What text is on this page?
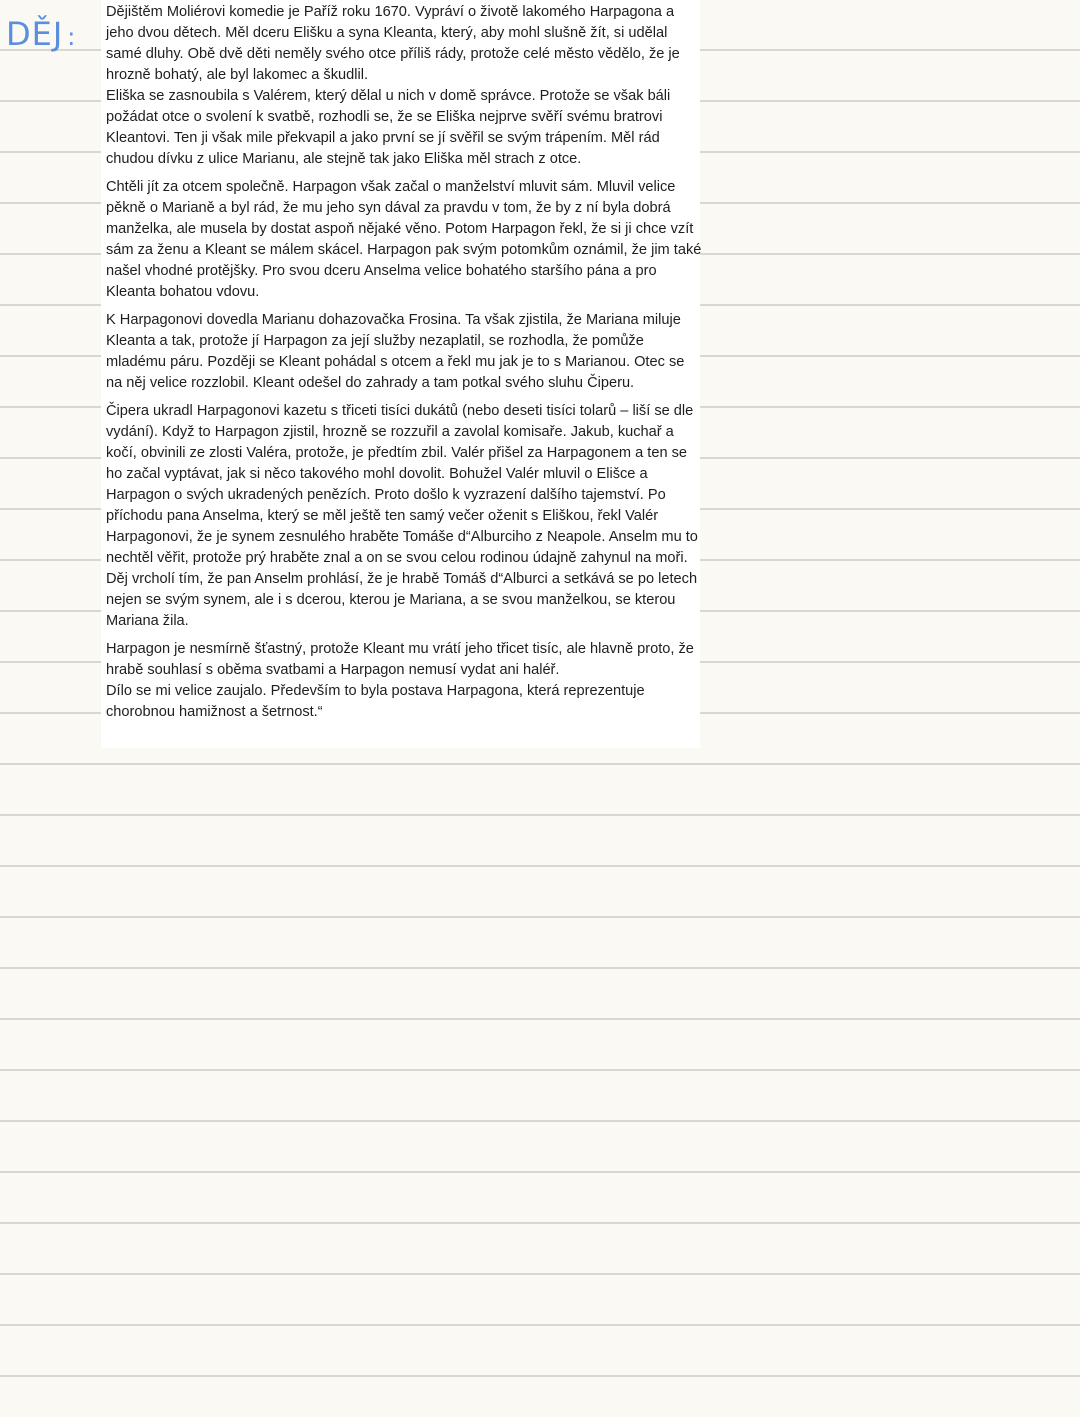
DĚJ :

Dějištěm Moliérovi komedie je Paříž roku 1670. Vypráví o životě lakomého Harpagona a jeho dvou dětech. Měl dceru Elišku a syna Kleanta, který, aby mohl slušně žít, si udělal samé dluhy. Obě dvě děti neměly svého otce příliš rády, protože celé město vědělo, že je hrozně bohatý, ale byl lakomec a škudlil.
Eliška se zasnoubila s Valérem, který dělal u nich v domě správce. Protože se však báli požádat otce o svolení k svatbě, rozhodli se, že se Eliška nejprve svěří svému bratrovi Kleantovi. Ten ji však mile překvapil a jako první se jí svěřil se svým trápením. Měl rád chudou dívku z ulice Marianu, ale stejně tak jako Eliška měl strach z otce.

Chtěli jít za otcem společně. Harpagon však začal o manželství mluvit sám. Mluvil velice pěkně o Marianě a byl rád, že mu jeho syn dával za pravdu v tom, že by z ní byla dobrá manželka, ale musela by dostat aspoň nějaké věno. Potom Harpagon řekl, že si ji chce vzít sám za ženu a Kleant se málem skácel. Harpagon pak svým potomkům oznámil, že jim také našel vhodné protějšky. Pro svou dceru Anselma velice bohatého staršího pána a pro Kleanta bohatou vdovu.

K Harpagonovi dovedla Marianu dohazovačka Frosina. Ta však zjistila, že Mariana miluje Kleanta a tak, protože jí Harpagon za její služby nezaplatil, se rozhodla, že pomůže mladému páru. Později se Kleant pohádal s otcem a řekl mu jak je to s Marianou. Otec se na něj velice rozzlobil. Kleant odešel do zahrady a tam potkal svého sluhu Čiperu.

Čipera ukradl Harpagonovi kazetu s třiceti tisíci dukátů (nebo deseti tisíci tolarů – liší se dle vydání). Když to Harpagon zjistil, hrozně se rozzuřil a zavolal komisaře. Jakub, kuchař a kočí, obvinili ze zlosti Valéra, protože, je předtím zbil. Valér přišel za Harpagonem a ten se ho začal vyptávat, jak si něco takového mohl dovolit. Bohužel Valér mluvil o Elišce a Harpagon o svých ukradených penězích. Proto došlo k vyzrazení dalšího tajemství. Po příchodu pana Anselma, který se měl ještě ten samý večer oženit s Eliškou, řekl Valér Harpagonovi, že je synem zesnulého hraběte Tomáše d“Alburciho z Neapole. Anselm mu to nechtěl věřit, protože prý hraběte znal a on se svou celou rodinou údajně zahynul na moři.
Děj vrcholí tím, že pan Anselm prohlásí, že je hrabě Tomáš d“Alburci a setkává se po letech nejen se svým synem, ale i s dcerou, kterou je Mariana, a se svou manželkou, se kterou Mariana žila.

Harpagon je nesmírně šťastný, protože Kleant mu vrátí jeho třicet tisíc, ale hlavně proto, že hrabě souhlasí s oběma svatbami a Harpagon nemusí vydat ani haléř.
Dílo se mi velice zaujalo. Především to byla postava Harpagona, která reprezentuje chorobnou hamižnost a šetrnost.“
